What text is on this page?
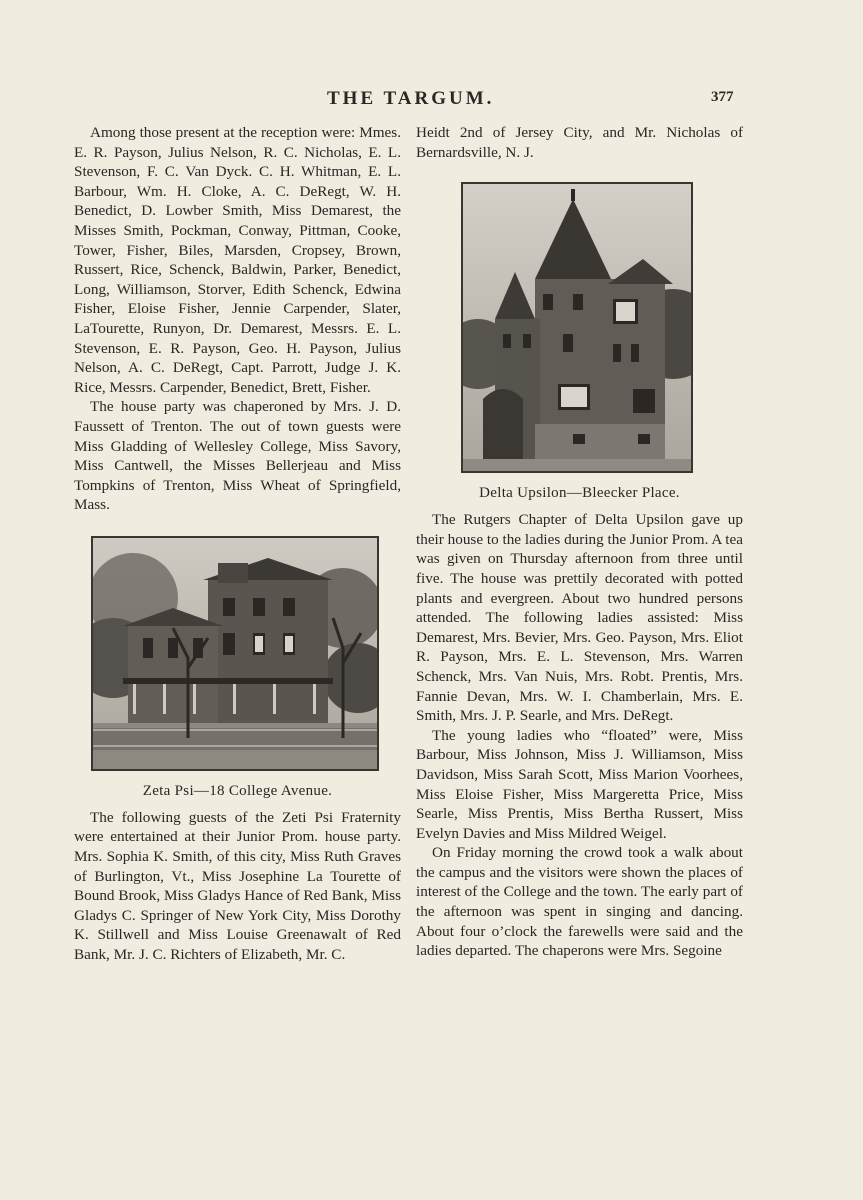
THE TARGUM.	377

Among those present at the reception were: Mmes. E. R. Payson, Julius Nelson, R. C. Nicholas, E. L. Stevenson, F. C. Van Dyck. C. H. Whitman, E. L. Barbour, Wm. H. Cloke, A. C. DeRegt, W. H. Benedict, D. Lowber Smith, Miss Demarest, the Misses Smith, Pockman, Conway, Pittman, Cooke, Tower, Fisher, Biles, Marsden, Cropsey, Brown, Russert, Rice, Schenck, Baldwin, Parker, Benedict, Long, Williamson, Storver, Edith Schenck, Edwina Fisher, Eloise Fisher, Jennie Carpender, Slater, LaTourette, Runyon, Dr. Demarest, Messrs. E. L. Stevenson, E. R. Payson, Geo. H. Payson, Julius Nelson, A. C. DeRegt, Capt. Parrott, Judge J. K. Rice, Messrs. Carpender, Benedict, Brett, Fisher.

The house party was chaperoned by Mrs. J. D. Faussett of Trenton. The out of town guests were Miss Gladding of Wellesley College, Miss Savory, Miss Cantwell, the Misses Bellerjeau and Miss Tompkins of Trenton, Miss Wheat of Springfield, Mass.

Zeta Psi—18 College Avenue.

The following guests of the Zeti Psi Fraternity were entertained at their Junior Prom. house party. Mrs. Sophia K. Smith, of this city, Miss Ruth Graves of Burlington, Vt., Miss Josephine La Tourette of Bound Brook, Miss Gladys Hance of Red Bank, Miss Gladys C. Springer of New York City, Miss Dorothy K. Stillwell and Miss Louise Greenawalt of Red Bank, Mr. J. C. Richters of Elizabeth, Mr. C.

Heidt 2nd of Jersey City, and Mr. Nicholas of Bernardsville, N. J.

Delta Upsilon—Bleecker Place.

The Rutgers Chapter of Delta Upsilon gave up their house to the ladies during the Junior Prom. A tea was given on Thursday afternoon from three until five. The house was prettily decorated with potted plants and evergreen. About two hundred persons attended. The following ladies assisted: Miss Demarest, Mrs. Bevier, Mrs. Geo. Payson, Mrs. Eliot R. Payson, Mrs. E. L. Stevenson, Mrs. Warren Schenck, Mrs. Van Nuis, Mrs. Robt. Prentis, Mrs. Fannie Devan, Mrs. W. I. Chamberlain, Mrs. E. Smith, Mrs. J. P. Searle, and Mrs. DeRegt.

The young ladies who “floated” were, Miss Barbour, Miss Johnson, Miss J. Williamson, Miss Davidson, Miss Sarah Scott, Miss Marion Voorhees, Miss Eloise Fisher, Miss Margeretta Price, Miss Searle, Miss Prentis, Miss Bertha Russert, Miss Evelyn Davies and Miss Mildred Weigel.

On Friday morning the crowd took a walk about the campus and the visitors were shown the places of interest of the College and the town. The early part of the afternoon was spent in singing and dancing. About four o’clock the farewells were said and the ladies departed. The chaperons were Mrs. Segoine
